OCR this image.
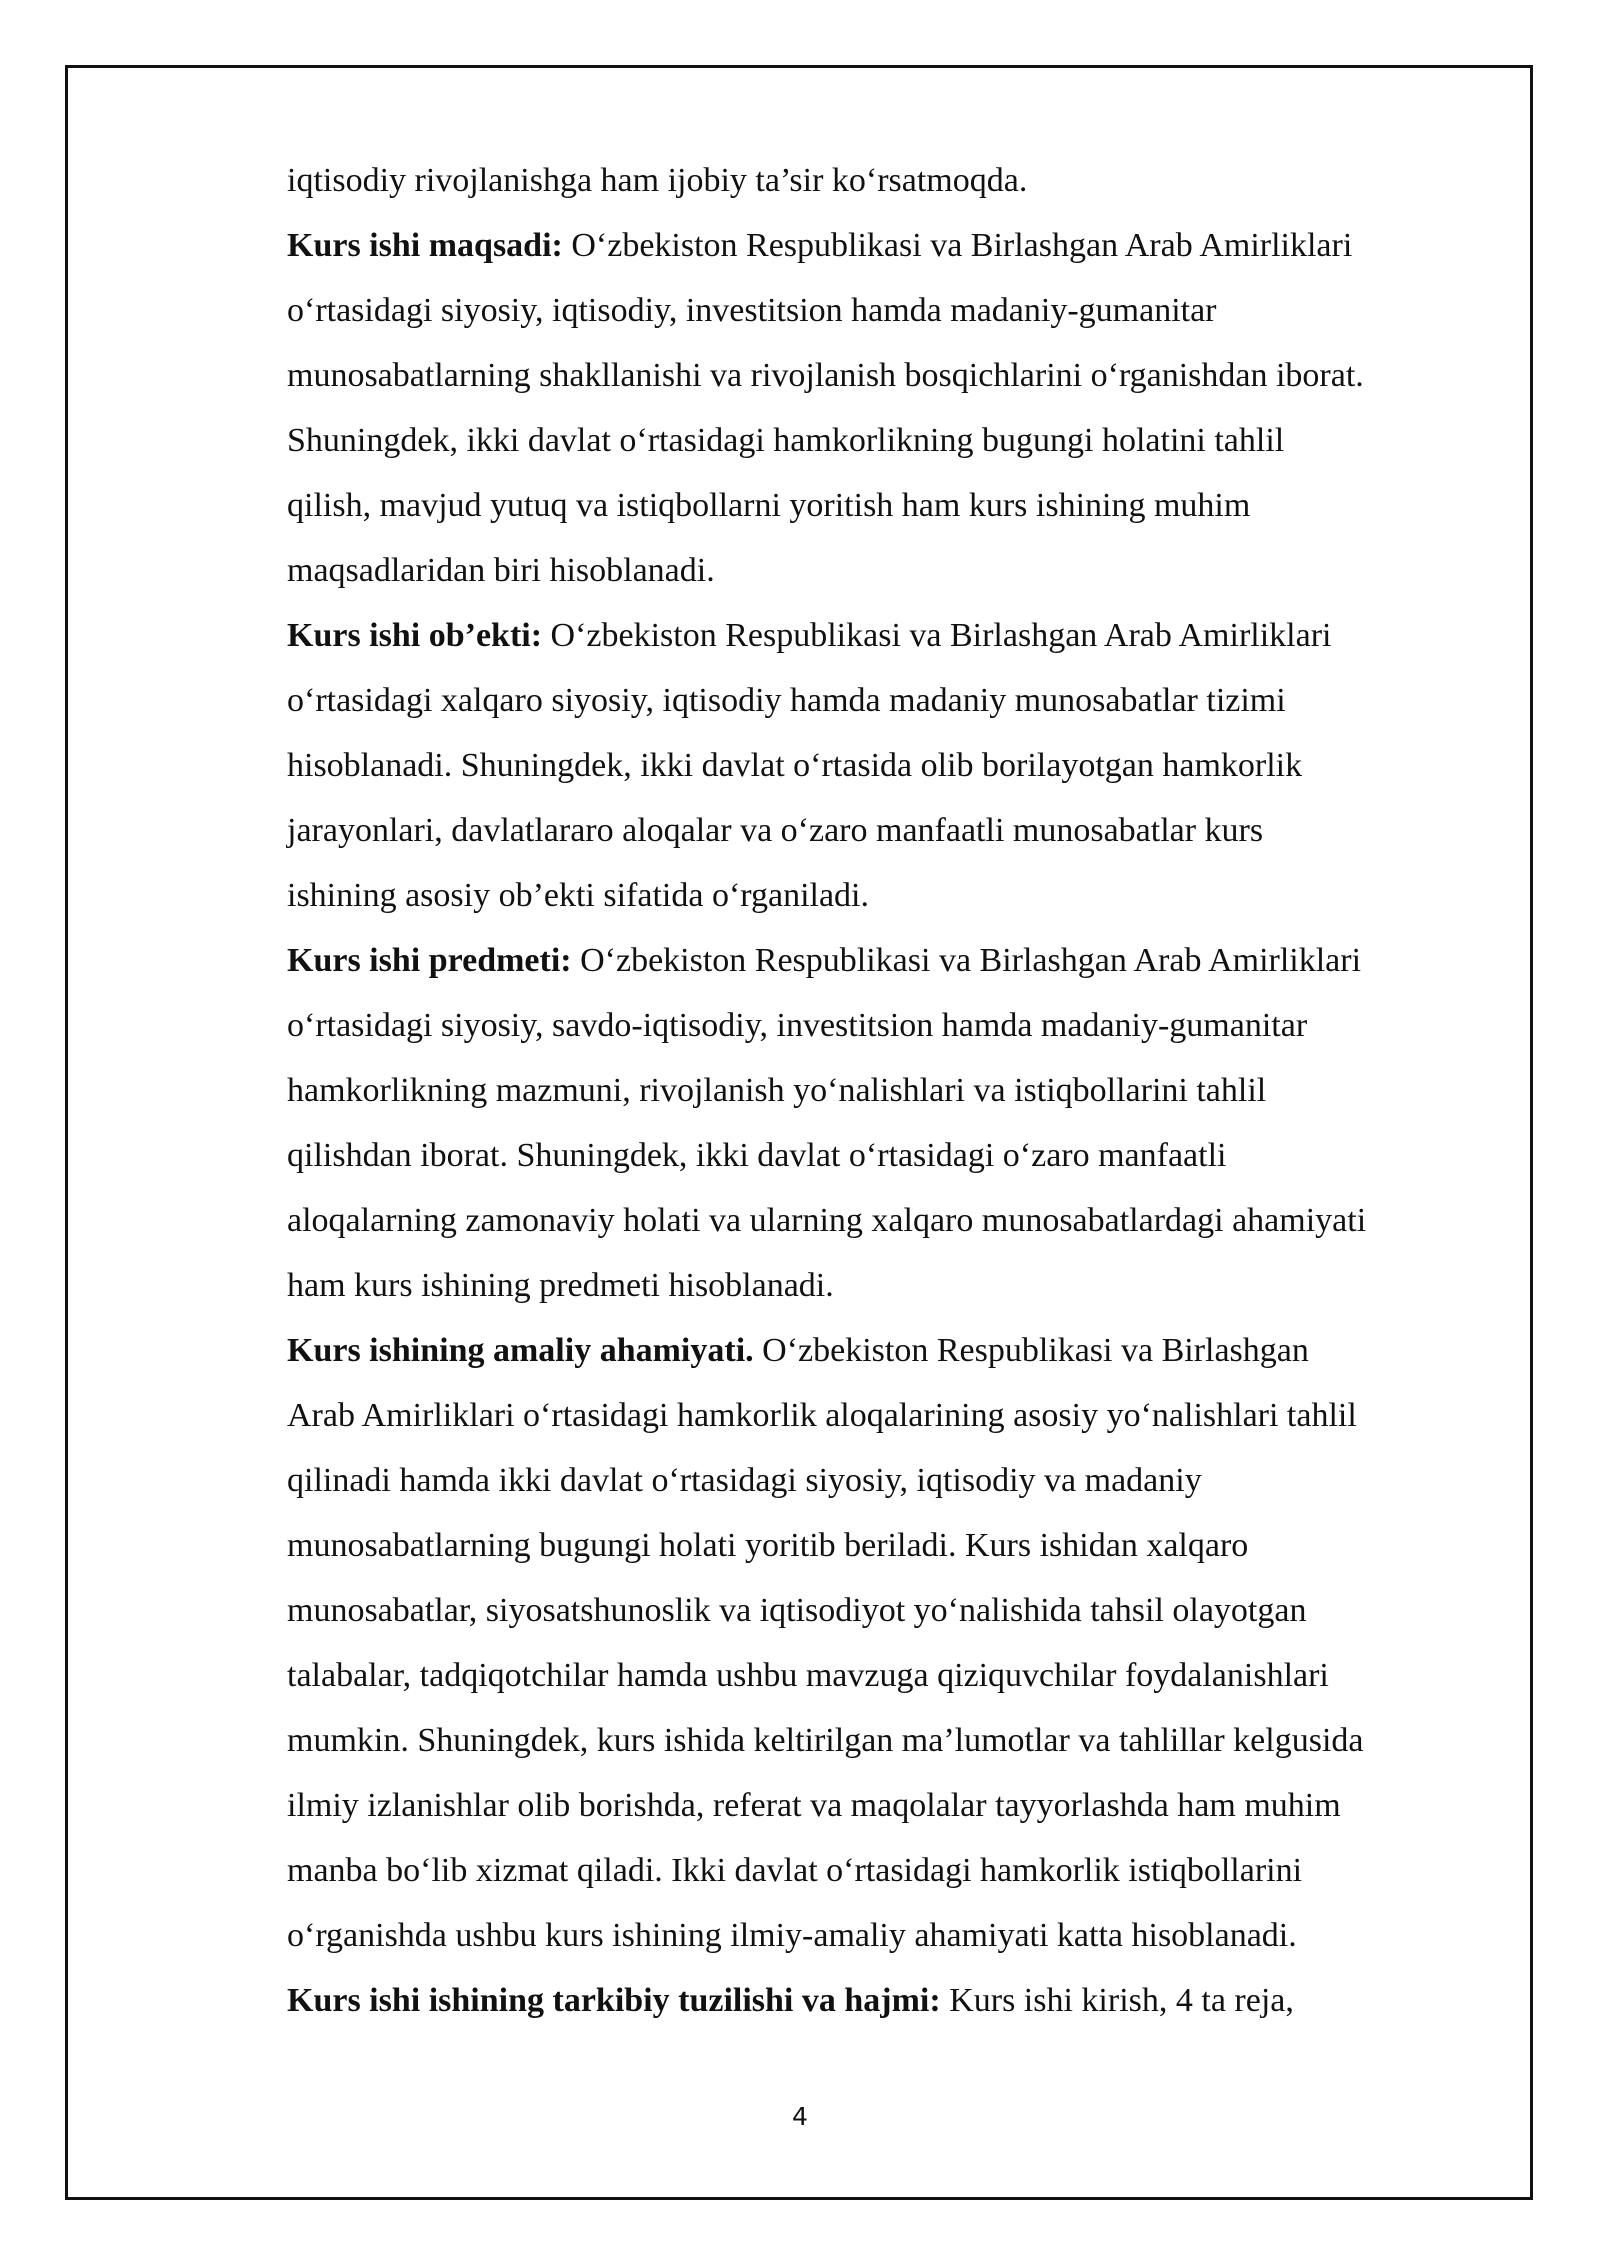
iqtisodiy rivojlanishga ham ijobiy ta’sir ko‘rsatmoqda.
Kurs ishi maqsadi: O‘zbekiston Respublikasi va Birlashgan Arab Amirliklari
o‘rtasidagi siyosiy, iqtisodiy, investitsion hamda madaniy-gumanitar
munosabatlarning shakllanishi va rivojlanish bosqichlarini o‘rganishdan iborat.
Shuningdek, ikki davlat o‘rtasidagi hamkorlikning bugungi holatini tahlil
qilish, mavjud yutuq va istiqbollarni yoritish ham kurs ishining muhim
maqsadlaridan biri hisoblanadi.
Kurs ishi ob’ekti: O‘zbekiston Respublikasi va Birlashgan Arab Amirliklari
o‘rtasidagi xalqaro siyosiy, iqtisodiy hamda madaniy munosabatlar tizimi
hisoblanadi. Shuningdek, ikki davlat o‘rtasida olib borilayotgan hamkorlik
jarayonlari, davlatlararo aloqalar va o‘zaro manfaatli munosabatlar kurs
ishining asosiy ob’ekti sifatida o‘rganiladi.
Kurs ishi predmeti: O‘zbekiston Respublikasi va Birlashgan Arab Amirliklari
o‘rtasidagi siyosiy, savdo-iqtisodiy, investitsion hamda madaniy-gumanitar
hamkorlikning mazmuni, rivojlanish yo‘nalishlari va istiqbollarini tahlil
qilishdan iborat. Shuningdek, ikki davlat o‘rtasidagi o‘zaro manfaatli
aloqalarning zamonaviy holati va ularning xalqaro munosabatlardagi ahamiyati
ham kurs ishining predmeti hisoblanadi.
Kurs ishining amaliy ahamiyati. O‘zbekiston Respublikasi va Birlashgan
Arab Amirliklari o‘rtasidagi hamkorlik aloqalarining asosiy yo‘nalishlari tahlil
qilinadi hamda ikki davlat o‘rtasidagi siyosiy, iqtisodiy va madaniy
munosabatlarning bugungi holati yoritib beriladi. Kurs ishidan xalqaro
munosabatlar, siyosatshunoslik va iqtisodiyot yo‘nalishida tahsil olayotgan
talabalar, tadqiqotchilar hamda ushbu mavzuga qiziquvchilar foydalanishlari
mumkin. Shuningdek, kurs ishida keltirilgan ma’lumotlar va tahlillar kelgusida
ilmiy izlanishlar olib borishda, referat va maqolalar tayyorlashda ham muhim
manba bo‘lib xizmat qiladi. Ikki davlat o‘rtasidagi hamkorlik istiqbollarini
o‘rganishda ushbu kurs ishining ilmiy-amaliy ahamiyati katta hisoblanadi.
Kurs ishi ishining tarkibiy tuzilishi va hajmi: Kurs ishi kirish, 4 ta reja,
4
